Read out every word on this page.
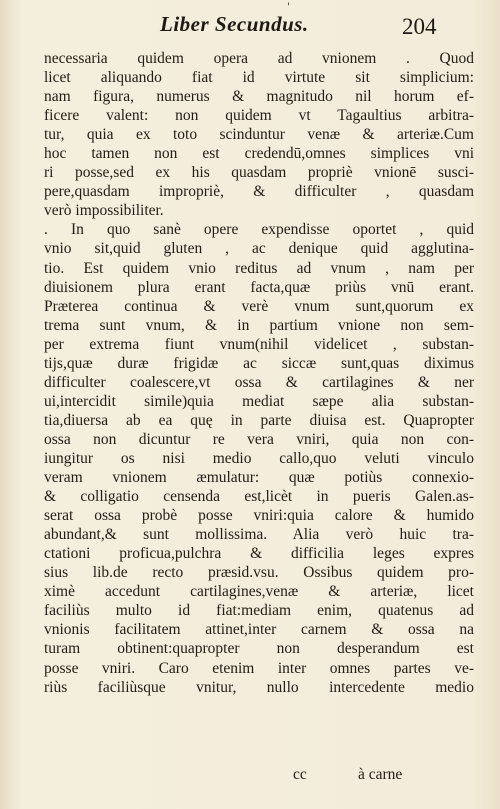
'
Liber Secundus.	204
necessaria quidem opera ad vnionem . Quod
licet aliquando fiat id virtute sit simplicium:
nam figura, numerus & magnitudo nil horum ef-
ficere valent: non quidem vt Tagaultius arbitra-
tur, quia ex toto scinduntur venæ & arteriæ.Cum
hoc tamen non est credendū,omnes simplices vni
ri posse,sed ex his quasdam propriè vnionē susci-
pere,quasdam impropriè, & difficulter , quasdam
verò impossibiliter.
. In quo sanè opere expendisse oportet , quid
vnio sit,quid gluten , ac denique quid agglutina-
tio. Est quidem vnio reditus ad vnum , nam per
diuisionem plura erant facta,quæ priùs vnū erant.
Præterea continua & verè vnum sunt,quorum ex
trema sunt vnum, & in partium vnione non sem-
per extrema fiunt vnum(nihil videlicet , substan-
tijs,quæ duræ frigidæ ac siccæ sunt,quas diximus
difficulter coalescere,vt ossa & cartilagines & ner
ui,intercidit simile)quia mediat sæpe alia substan-
tia,diuersa ab ea quę in parte diuisa est. Quapropter
ossa non dicuntur re vera vniri, quia non con-
iungitur os nisi medio callo,quo veluti vinculo
veram vnionem æmulatur: quæ potiùs connexio-
& colligatio censenda est,licèt in pueris Galen.as-
serat ossa probè posse vniri:quia calore & humido
abundant,& sunt mollissima. Alia verò huic tra-
ctationi proficua,pulchra & difficilia leges expres
sius lib.de recto præsid.vsu. Ossibus quidem pro-
ximè accedunt cartilagines,venæ & arteriæ, licet
faciliùs multo id fiat:mediam enim, quatenus ad
vnionis facilitatem attinet,inter carnem & ossa na
turam obtinent:quapropter non desperandum est
posse vniri. Caro etenim inter omnes partes ve-
riùs faciliùsque vnitur, nullo intercedente medio
cc	à carne
